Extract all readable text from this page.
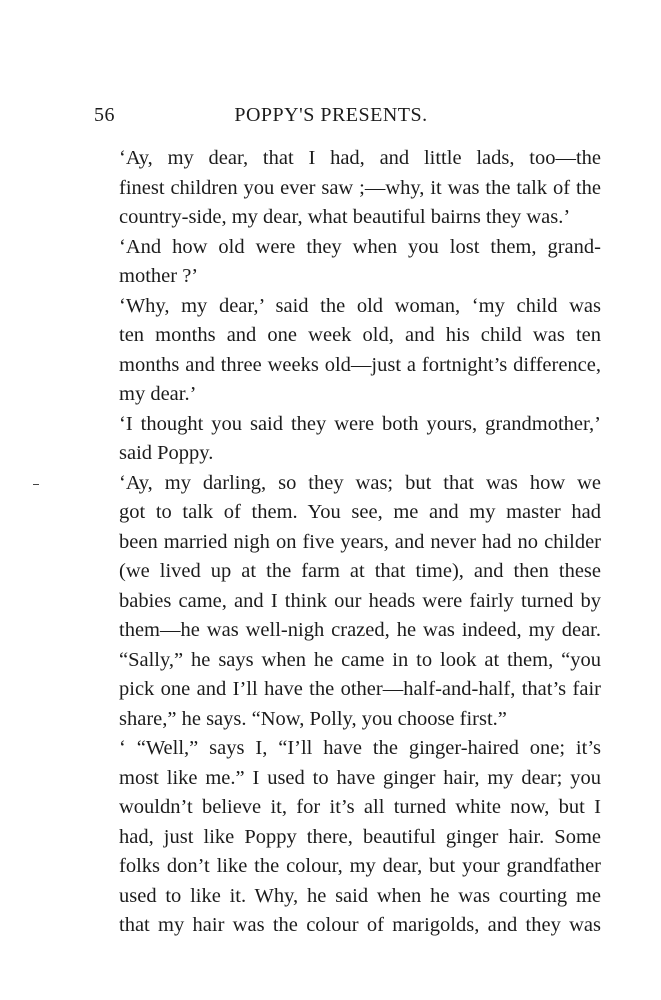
56	POPPY'S PRESENTS.

‘Ay, my dear, that I had, and little lads, too—the
finest children you ever saw ;—why, it was the talk of the
country-side, my dear, what beautiful bairns they was.’

‘And how old were they when you lost them, grand-
mother ?’

‘Why, my dear,’ said the old woman, ‘my child was
ten months and one week old, and his child was ten
months and three weeks old—just a fortnight’s difference,
my dear.’

‘I thought you said they were both yours, grandmother,’
said Poppy.

‘Ay, my darling, so they was; but that was how we
got to talk of them. You see, me and my master had
been married nigh on five years, and never had no childer
(we lived up at the farm at that time), and then these
babies came, and I think our heads were fairly turned by
them—he was well-nigh crazed, he was indeed, my dear.
“Sally,” he says when he came in to look at them, “you
pick one and I’ll have the other—half-and-half, that’s fair
share,” he says. “Now, Polly, you choose first.”

‘ “Well,” says I, “I’ll have the ginger-haired one; it’s
most like me.” I used to have ginger hair, my dear; you
wouldn’t believe it, for it’s all turned white now, but I
had, just like Poppy there, beautiful ginger hair. Some
folks don’t like the colour, my dear, but your grandfather
used to like it. Why, he said when he was courting me
that my hair was the colour of marigolds, and they was
